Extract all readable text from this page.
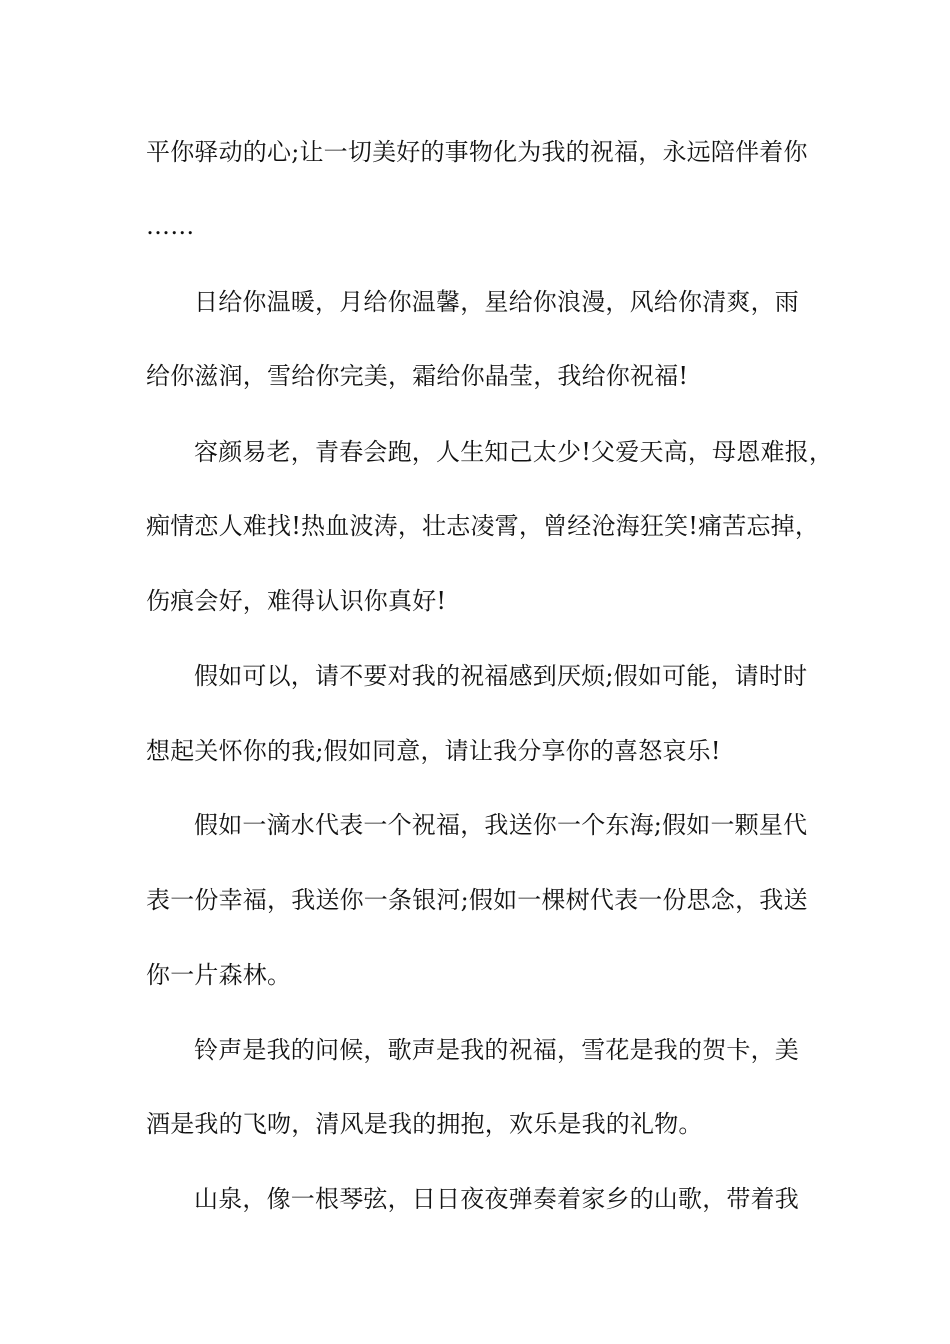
平你驿动的心;让一切美好的事物化为我的祝福，永远陪伴着你
……
日给你温暖，月给你温馨，星给你浪漫，风给你清爽，雨
给你滋润，雪给你完美，霜给你晶莹，我给你祝福!
容颜易老，青春会跑，人生知己太少!父爱天高，母恩难报，
痴情恋人难找!热血波涛，壮志凌霄，曾经沧海狂笑!痛苦忘掉，
伤痕会好，难得认识你真好!
假如可以，请不要对我的祝福感到厌烦;假如可能，请时时
想起关怀你的我;假如同意，请让我分享你的喜怒哀乐!
假如一滴水代表一个祝福，我送你一个东海;假如一颗星代
表一份幸福，我送你一条银河;假如一棵树代表一份思念，我送
你一片森林。
铃声是我的问候，歌声是我的祝福，雪花是我的贺卡，美
酒是我的飞吻，清风是我的拥抱，欢乐是我的礼物。
山泉，像一根琴弦，日日夜夜弹奏着家乡的山歌，带着我
